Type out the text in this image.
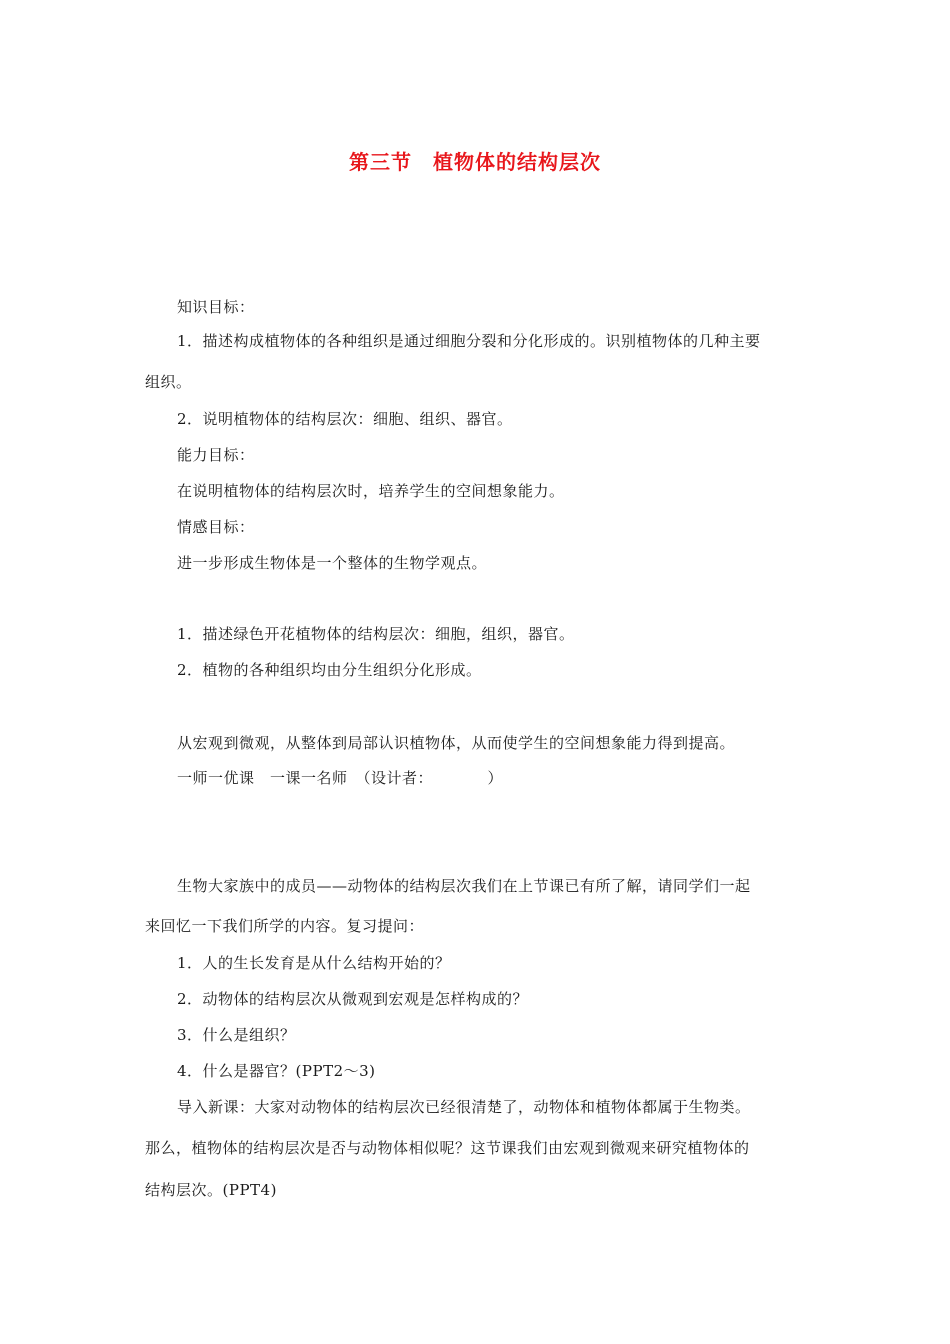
第三节　植物体的结构层次
知识目标：
1．描述构成植物体的各种组织是通过细胞分裂和分化形成的。识别植物体的几种主要
组织。
2．说明植物体的结构层次：细胞、组织、器官。
能力目标：
在说明植物体的结构层次时，培养学生的空间想象能力。
情感目标：
进一步形成生物体是一个整体的生物学观点。
1．描述绿色开花植物体的结构层次：细胞，组织，器官。
2．植物的各种组织均由分生组织分化形成。
从宏观到微观，从整体到局部认识植物体，从而使学生的空间想象能力得到提高。
一师一优课　一课一名师　（设计者：　　　　）
生物大家族中的成员——动物体的结构层次我们在上节课已有所了解，请同学们一起
来回忆一下我们所学的内容。复习提问：
1．人的生长发育是从什么结构开始的？
2．动物体的结构层次从微观到宏观是怎样构成的？
3．什么是组织？
4．什么是器官？(PPT2～3)
导入新课：大家对动物体的结构层次已经很清楚了，动物体和植物体都属于生物类。
那么，植物体的结构层次是否与动物体相似呢？这节课我们由宏观到微观来研究植物体的
结构层次。(PPT4)
